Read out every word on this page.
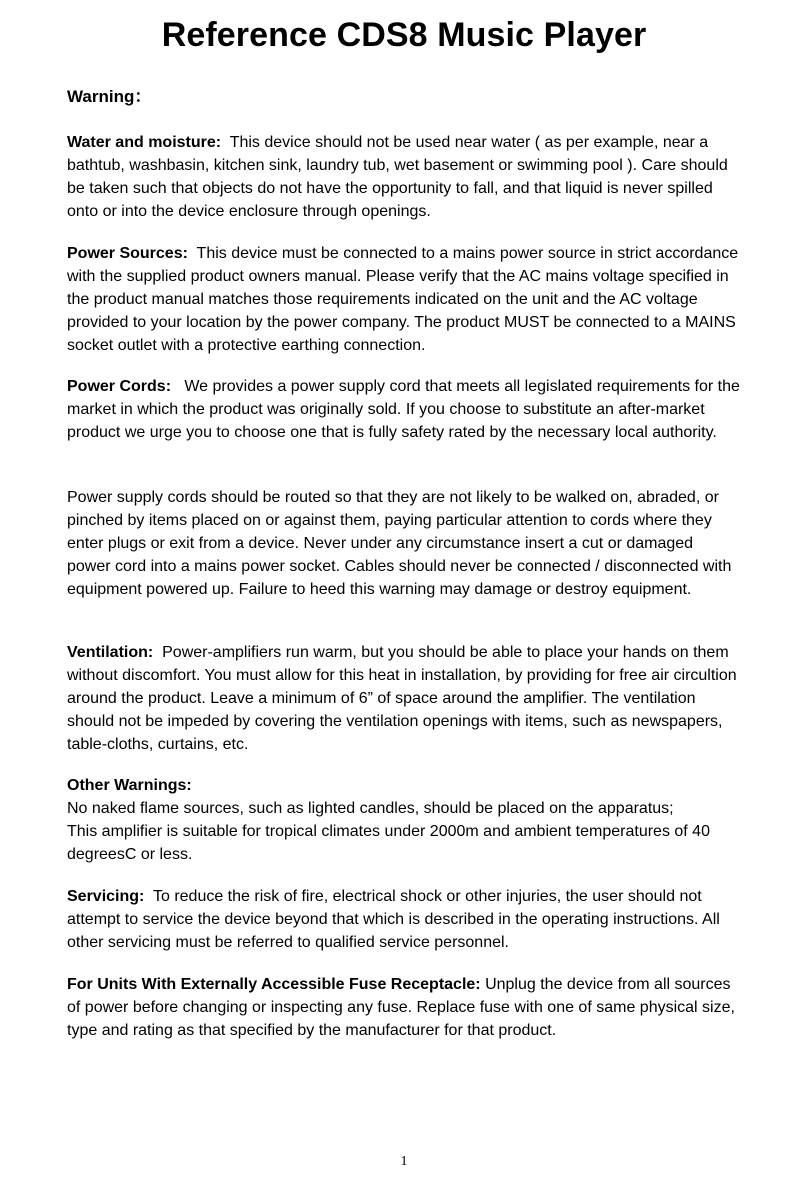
Reference CDS8 Music Player
Warning：
Water and moisture: This device should not be used near water ( as per example, near a bathtub, washbasin, kitchen sink, laundry tub, wet basement or swimming pool ). Care should be taken such that objects do not have the opportunity to fall, and that liquid is never spilled onto or into the device enclosure through openings.
Power Sources: This device must be connected to a mains power source in strict accordance with the supplied product owners manual. Please verify that the AC mains voltage specified in the product manual matches those requirements indicated on the unit and the AC voltage provided to your location by the power company. The product MUST be connected to a MAINS socket outlet with a protective earthing connection.
Power Cords: We provides a power supply cord that meets all legislated requirements for the market in which the product was originally sold. If you choose to substitute an after-market product we urge you to choose one that is fully safety rated by the necessary local authority.
Power supply cords should be routed so that they are not likely to be walked on, abraded, or pinched by items placed on or against them, paying particular attention to cords where they enter plugs or exit from a device. Never under any circumstance insert a cut or damaged power cord into a mains power socket. Cables should never be connected / disconnected with equipment powered up. Failure to heed this warning may damage or destroy equipment.
Ventilation: Power-amplifiers run warm, but you should be able to place your hands on them without discomfort. You must allow for this heat in installation, by providing for free air circultion around the product. Leave a minimum of 6” of space around the amplifier. The ventilation should not be impeded by covering the ventilation openings with items, such as newspapers, table-cloths, curtains, etc.
Other Warnings:
No naked flame sources, such as lighted candles, should be placed on the apparatus;
This amplifier is suitable for tropical climates under 2000m and ambient temperatures of 40 degreesC or less.
Servicing: To reduce the risk of fire, electrical shock or other injuries, the user should not attempt to service the device beyond that which is described in the operating instructions. All other servicing must be referred to qualified service personnel.
For Units With Externally Accessible Fuse Receptacle: Unplug the device from all sources of power before changing or inspecting any fuse. Replace fuse with one of same physical size, type and rating as that specified by the manufacturer for that product.
1
